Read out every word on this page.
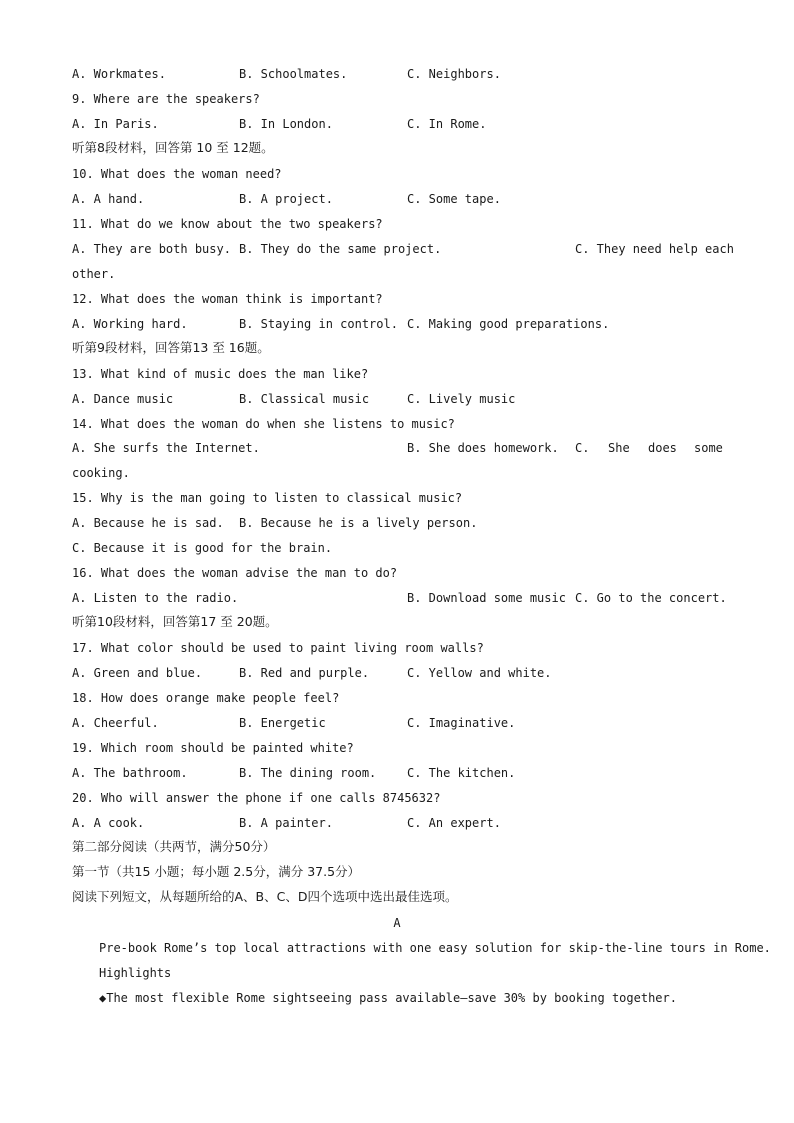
A. Workmates.

	B. Schoolmates.

	C. Neighbors.

9. Where are the speakers?

A. In Paris.

	B. In London.

	C. In Rome.

听第8段材料，回答第 10 至 12题。
10. What does the woman need?

A. A hand.

	B. A project.

	C. Some tape.

11. What do we know about the two speakers?

A. They are both busy.

B. They do the same project.

	C. They need help each

other.
12. What does the woman think is important?

A. Working hard.

	B. Staying in control.

C. Making good preparations.

听第9段材料，回答第13 至 16题。
13. What kind of music does the man like?

A. Dance music

	B. Classical music

	C. Lively music

14. What does the woman do when she listens to music?

A. She surfs the Internet.

	B. She does homework.

C.

She

does

some

cooking.
15. Why is the man going to listen to classical music?

A. Because he is sad.

B. Because he is a lively person.

C. Because it is good for the brain.
16. What does the woman advise the man to do?

A. Listen to the radio.

	B. Download some music

C. Go to the concert.

听第10段材料，回答第17 至 20题。
17. What color should be used to paint living room walls?

A. Green and blue.

	B. Red and purple.

	C. Yellow and white.

18. How does orange make people feel?

A. Cheerful.

	B. Energetic

	C. Imaginative.

19. Which room should be painted white?

A. The bathroom.

	B. The dining room.

	C. The kitchen.

20. Who will answer the phone if one calls 8745632?

A. A cook.

	B. A painter.

	C. An expert.

第二部分阅读（共两节，满分50分）
第一节（共15 小题；每小题 2.5分，满分 37.5分）
阅读下列短文，从每题所给的A、B、C、D四个选项中选出最佳选项。
A
Pre-book Rome’s top local attractions with one easy solution for skip-the-line tours in Rome.
Highlights
◆The most flexible Rome sightseeing pass available—save 30% by booking together.
